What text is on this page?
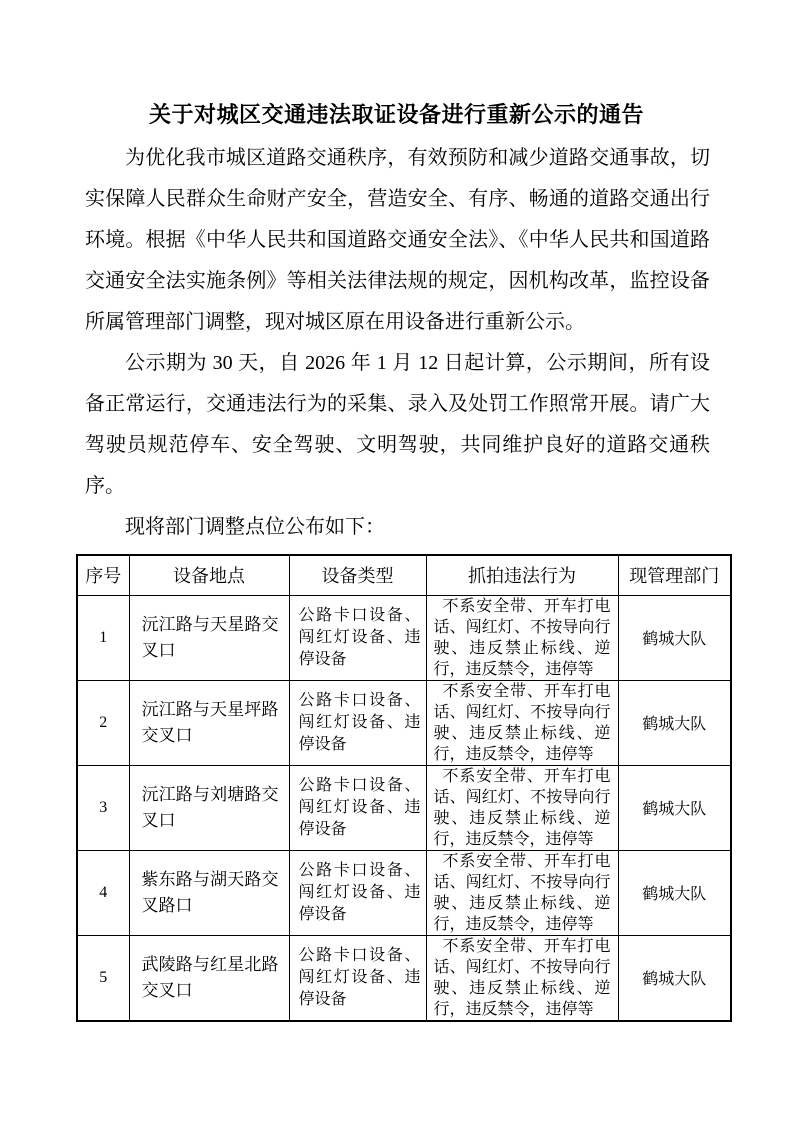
关于对城区交通违法取证设备进行重新公示的通告

为优化我市城区道路交通秩序，有效预防和减少道路交通事故，切实保障人民群众生命财产安全，营造安全、有序、畅通的道路交通出行环境。根据《中华人民共和国道路交通安全法》、《中华人民共和国道路交通安全法实施条例》等相关法律法规的规定，因机构改革，监控设备所属管理部门调整，现对城区原在用设备进行重新公示。

公示期为 30 天，自 2026 年 1 月 12 日起计算，公示期间，所有设备正常运行，交通违法行为的采集、录入及处罚工作照常开展。请广大驾驶员规范停车、安全驾驶、文明驾驶，共同维护良好的道路交通秩序。

现将部门调整点位公布如下：

序号	设备地点	设备类型	抓拍违法行为	现管理部门
1	沅江路与天星路交叉口	公路卡口设备、闯红灯设备、违停设备	不系安全带、开车打电话、闯红灯、不按导向行驶、违反禁止标线、逆行，违反禁令，违停等	鹤城大队
2	沅江路与天星坪路交叉口	公路卡口设备、闯红灯设备、违停设备	不系安全带、开车打电话、闯红灯、不按导向行驶、违反禁止标线、逆行，违反禁令，违停等	鹤城大队
3	沅江路与刘塘路交叉口	公路卡口设备、闯红灯设备、违停设备	不系安全带、开车打电话、闯红灯、不按导向行驶、违反禁止标线、逆行，违反禁令，违停等	鹤城大队
4	紫东路与湖天路交叉路口	公路卡口设备、闯红灯设备、违停设备	不系安全带、开车打电话、闯红灯、不按导向行驶、违反禁止标线、逆行，违反禁令，违停等	鹤城大队
5	武陵路与红星北路交叉口	公路卡口设备、闯红灯设备、违停设备	不系安全带、开车打电话、闯红灯、不按导向行驶、违反禁止标线、逆行，违反禁令，违停等	鹤城大队
